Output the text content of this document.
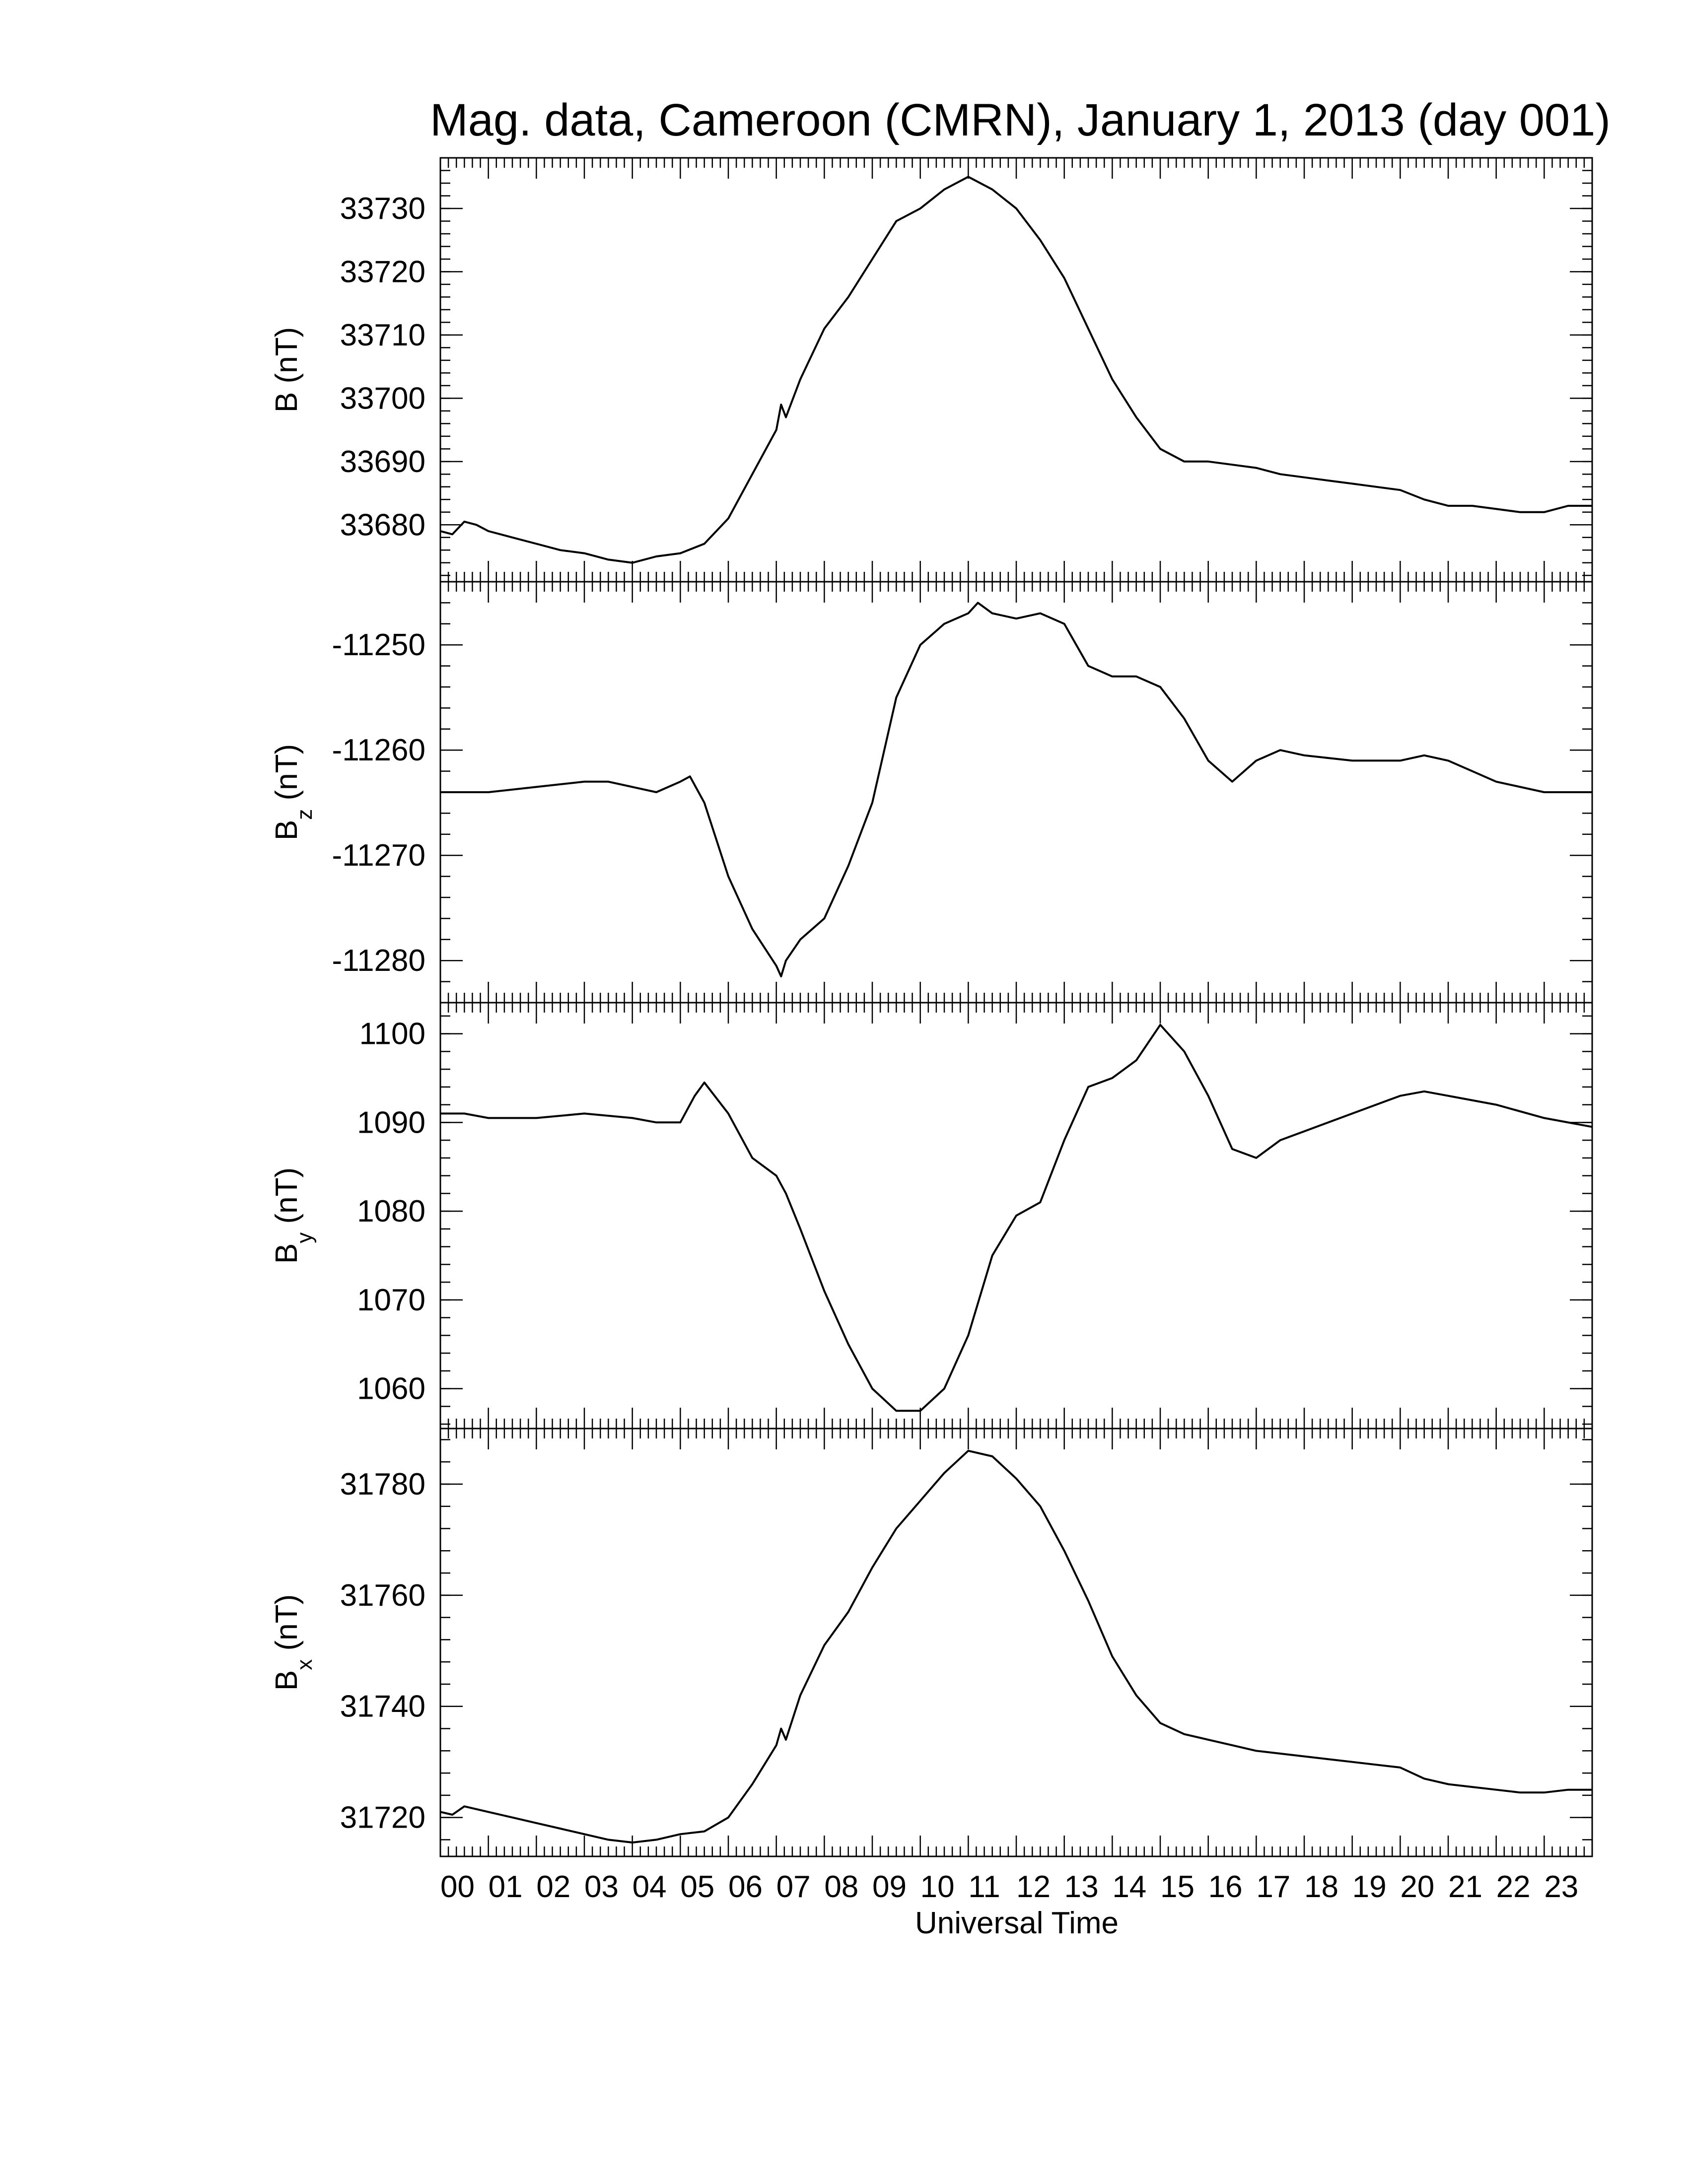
Mag. data, Cameroon (CMRN), January 1, 2013 (day 001)
33680
33690
33700
33710
33720
33730
B (nT)
-11280
-11270
-11260
-11250
$B_z$ (nT)
1060
1070
1080
1090
1100
$B_y$ (nT)
31720
31740
31760
31780
$B_x$ (nT)
00 01 02 03 04 05 06 07 08 09 10 11 12 13 14 15 16 17 18 19 20 21 22 23
Universal Time
